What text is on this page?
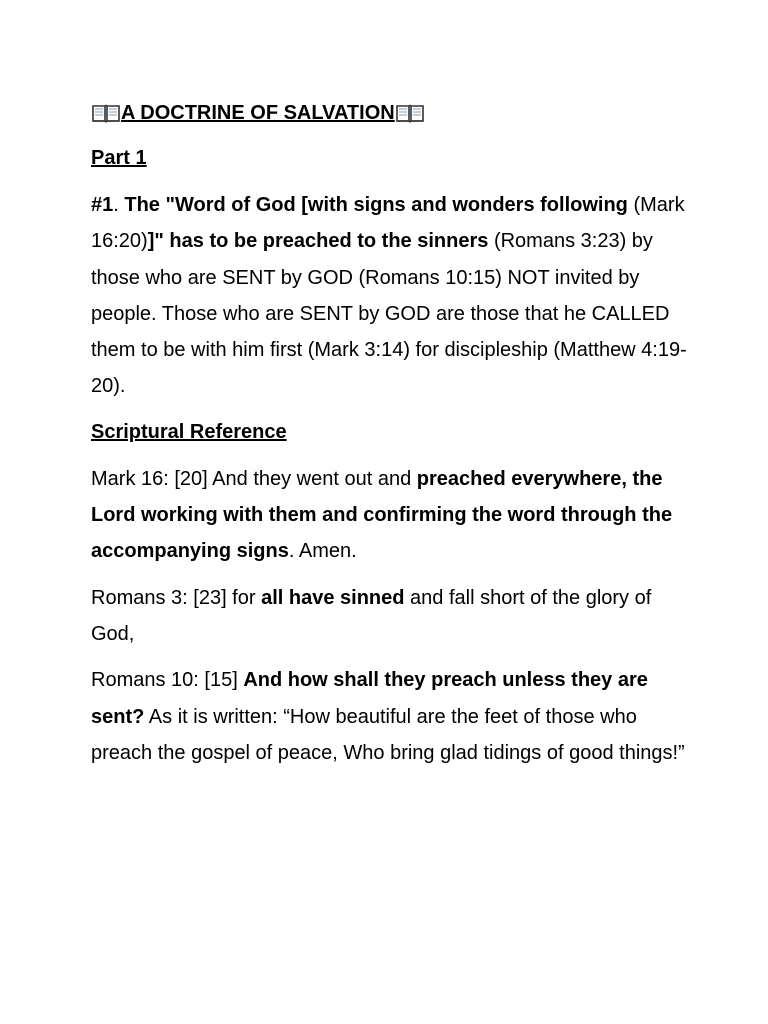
A DOCTRINE OF SALVATION
Part 1

#1. The "Word of God [with signs and wonders following (Mark 16:20)]" has to be preached to the sinners (Romans 3:23) by those who are SENT by GOD (Romans 10:15) NOT invited by people. Those who are SENT by GOD are those that he CALLED them to be with him first (Mark 3:14) for discipleship (Matthew 4:19-20).

Scriptural Reference

Mark 16: [20] And they went out and preached everywhere, the Lord working with them and confirming the word through the accompanying signs. Amen.

Romans 3: [23] for all have sinned and fall short of the glory of God,

Romans 10: [15] And how shall they preach unless they are sent? As it is written: “How beautiful are the feet of those who preach the gospel of peace, Who bring glad tidings of good things!”
